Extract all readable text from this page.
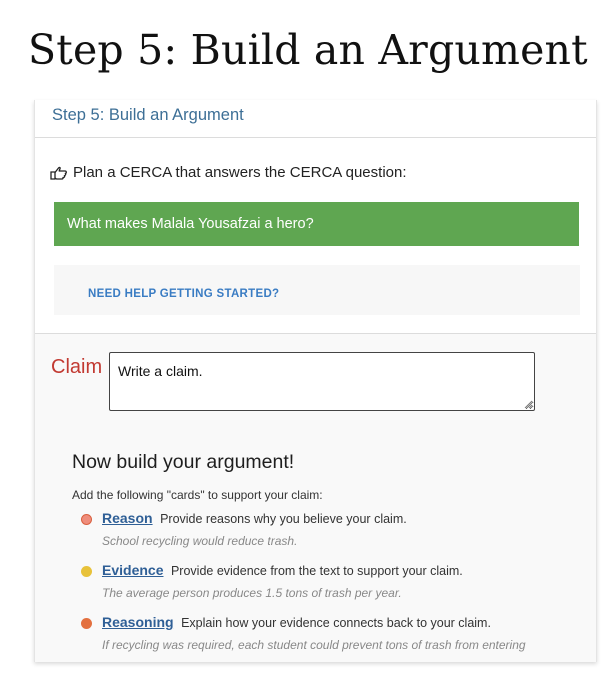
Step 5: Build an Argument
Step 5: Build an Argument
Plan a CERCA that answers the CERCA question:
What makes Malala Yousafzai a hero?
NEED HELP GETTING STARTED?
Claim
Write a claim.
Now build your argument!
Add the following "cards" to support your claim:
Reason Provide reasons why you believe your claim.
School recycling would reduce trash.
Evidence Provide evidence from the text to support your claim.
The average person produces 1.5 tons of trash per year.
Reasoning Explain how your evidence connects back to your claim.
If recycling was required, each student could prevent tons of trash from entering
